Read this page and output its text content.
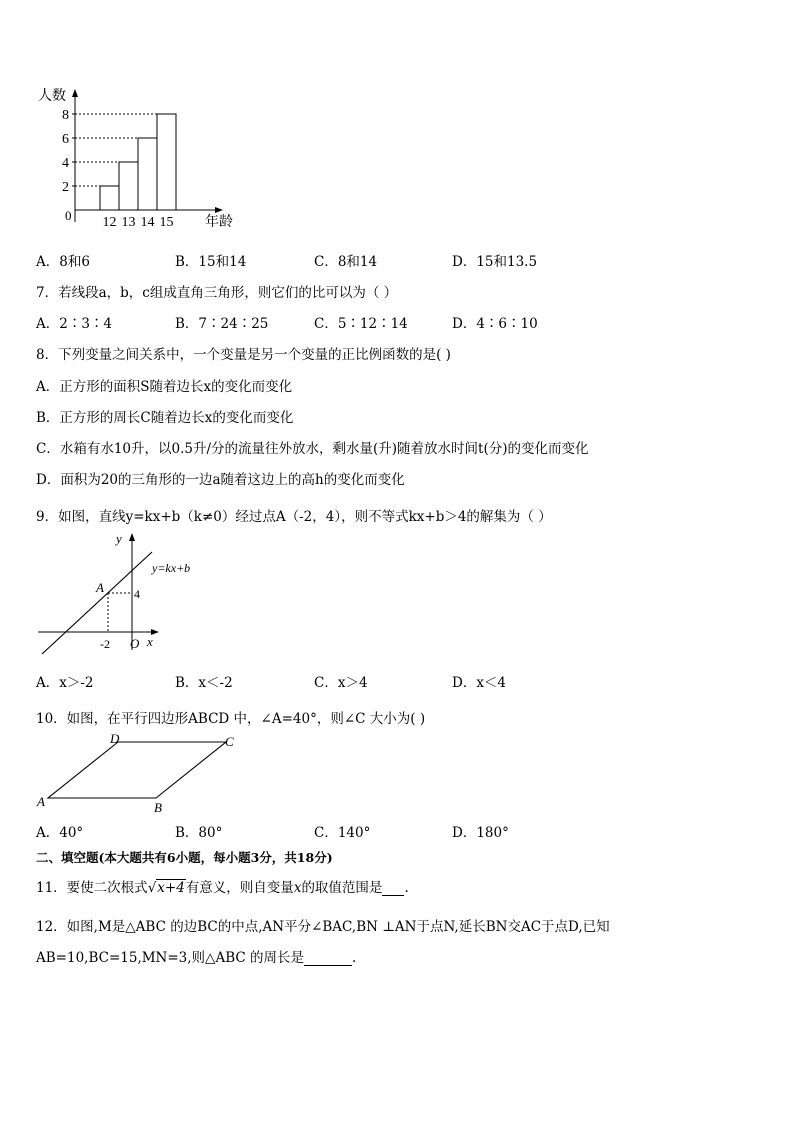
人数
年龄
0
2
4
6
8
12 13 14 15
A．8和6	B．15和14	C．8和14	D．15和13.5
7．若线段a，b，c组成直角三角形，则它们的比可以为（ ）
A．2∶3∶4	B．7∶24∶25	C．5∶12∶14	D．4∶6∶10
8．下列变量之间关系中，一个变量是另一个变量的正比例函数的是( )
A．正方形的面积S随着边长x的变化而变化
B．正方形的周长C随着边长x的变化而变化
C．水箱有水10升，以0.5升/分的流量往外放水，剩水量(升)随着放水时间t(分)的变化而变化
D．面积为20的三角形的一边a随着这边上的高h的变化而变化
9．如图，直线y=kx+b（k≠0）经过点A（-2，4），则不等式kx+b＞4的解集为（ ）
y
x
O
A
y=kx+b
-2
4
A．x＞-2	B．x＜-2	C．x＞4	D．x＜4
10．如图，在平行四边形ABCD 中，∠A=40°，则∠C 大小为( )
A	B
C
D
A．40°	B．80°	C．140°	D．180°
二、填空题(本大题共有6小题，每小题3分，共18分)
11．要使二次根式√x+4有意义，则自变量x的取值范围是 .
12．如图,M是△ABC 的边BC的中点,AN平分∠BAC,BN ⊥AN于点N,延长BN交AC于点D,已知
AB=10,BC=15,MN=3,则△ABC 的周长是	.
